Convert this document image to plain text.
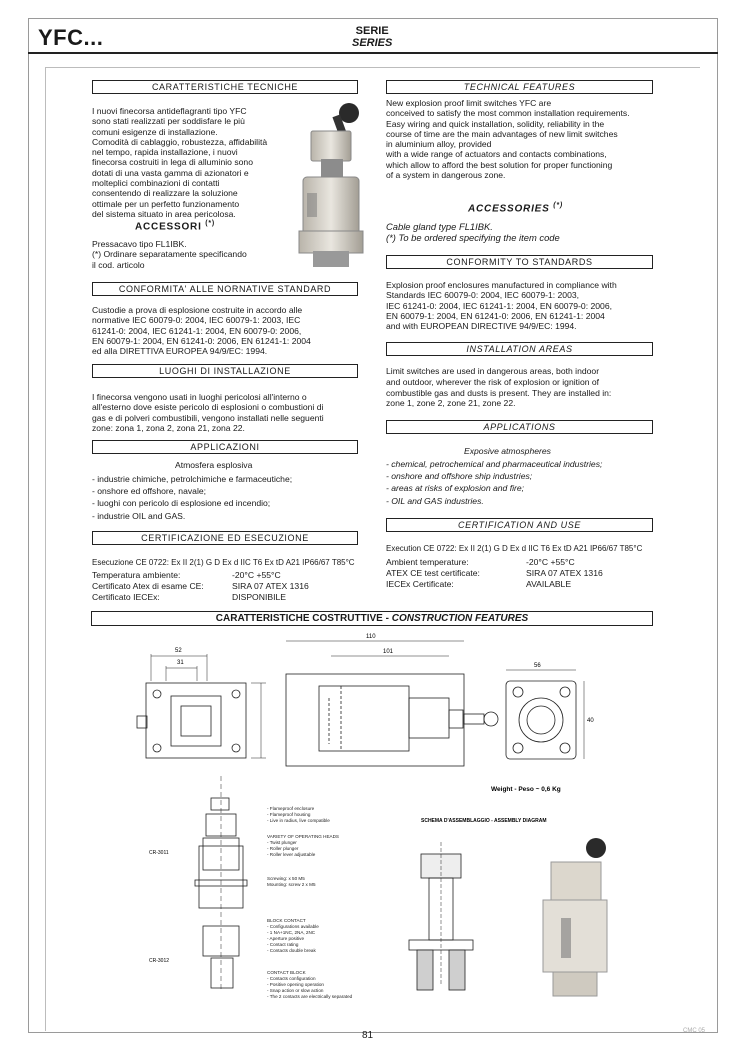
YFC...	SERIE
SERIES
CARATTERISTICHE TECNICHE

I nuovi finecorsa antideflagranti tipo YFC
sono stati realizzati per soddisfare le più
comuni esigenze di installazione.
Comodità di cablaggio, robustezza, affidabilità
nel tempo, rapida installazione, i nuovi
finecorsa costruiti in lega di alluminio sono
dotati di una vasta gamma di azionatori e
molteplici combinazioni di contatti
consentendo di realizzare la soluzione
ottimale per un perfetto funzionamento
del sistema situato in area pericolosa.

ACCESSORI (*)

Pressacavo tipo FL1IBK.
(*) Ordinare separatamente specificando
il cod. articolo

CONFORMITA' ALLE NORNATIVE STANDARD

Custodie a prova di esplosione costruite in accordo alle
normative IEC 60079-0: 2004, IEC 60079-1: 2003, IEC
61241-0: 2004, IEC 61241-1: 2004, EN 60079-0: 2006,
EN 60079-1: 2004, EN 61241-0: 2006, EN 61241-1: 2004
ed alla DIRETTIVA EUROPEA 94/9/EC: 1994.

LUOGHI DI INSTALLAZIONE

I finecorsa vengono usati in luoghi pericolosi all'interno o
all'esterno dove esiste pericolo di esplosioni o combustioni di
gas e di polveri combustibili, vengono installati nelle seguenti
zone: zona 1, zona 2, zona 21, zona 22.

APPLICAZIONI
Atmosfera esplosiva

- industrie chimiche, petrolchimiche e farmaceutiche;
- onshore ed offshore, navale;
- luoghi con pericolo di esplosione ed incendio;
- industrie OIL and GAS.

CERTIFICAZIONE ED ESECUZIONE
Esecuzione CE 0722: Ex II 2(1) G D Ex d IIC T6 Ex tD A21 IP66/67 T85°C
Temperatura ambiente:	-20°C +55°C
Certificato Atex di esame CE:	SIRA 07 ATEX 1316
Certificato IECEx:	DISPONIBILE
TECHNICAL FEATURES

New explosion proof limit switches YFC are
conceived to satisfy the most common installation requirements.
Easy wiring and quick installation, solidity, reliability in the
course of time are the main advantages of new limit switches
in aluminium alloy, provided
with a wide range of actuators and contacts combinations,
which allow to afford the best solution for proper functioning
of a system in dangerous zone.

ACCESSORIES (*)

Cable gland type FL1IBK.
(*) To be ordered specifying the item code

CONFORMITY TO STANDARDS

Explosion proof enclosures manufactured in compliance with
Standards IEC 60079-0: 2004, IEC 60079-1: 2003,
IEC 61241-0: 2004, IEC 61241-1: 2004, EN 60079-0: 2006,
EN 60079-1: 2004, EN 61241-0: 2006, EN 61241-1: 2004
and with EUROPEAN DIRECTIVE 94/9/EC: 1994.

INSTALLATION AREAS

Limit switches are used in dangerous areas, both indoor
and outdoor, wherever the risk of explosion or ignition of
combustible gas and dusts is present. They are installed in:
zone 1, zone 2, zone 21, zone 22.

APPLICATIONS
Exposive atmospheres

- chemical, petrochemical and pharmaceutical industries;
- onshore and offshore ship industries;
- areas at risks of explosion and fire;
- OIL and GAS industries.

CERTIFICATION AND USE
Execution CE 0722: Ex II 2(1) G D Ex d IIC T6 Ex tD A21 IP66/67 T85°C
Ambient temperature:	-20°C +55°C
ATEX CE test certificate:	SIRA 07 ATEX 1316
IECEx Certificate:	AVAILABLE
CARATTERISTICHE COSTRUTTIVE - CONSTRUCTION FEATURES
52
31
110
101
56
40
Weight - Peso ~ 0,6 Kg
CR-3011
CR-3012
- Flameproof enclosure - Flameproof housing - Live in radius, live compatible
VARIETY OF OPERATING HEADS - Twist plunger - Roller plunger - Roller lever adjustable
Screwing: x 50 M5 Mounting: screw 2 x M5
BLOCK CONTACT - Configurations available - 1 NA+1NC, 2NA, 2NC - Aperture positive - Contact rating - Contacts double break
CONTACT BLOCK - Contacts configuration - Positive opening operation - Snap action or slow action - The 2 contacts are electrically separated
SCHEMA D'ASSEMBLAGGIO - ASSEMBLY DIAGRAM
81	CMC 05
